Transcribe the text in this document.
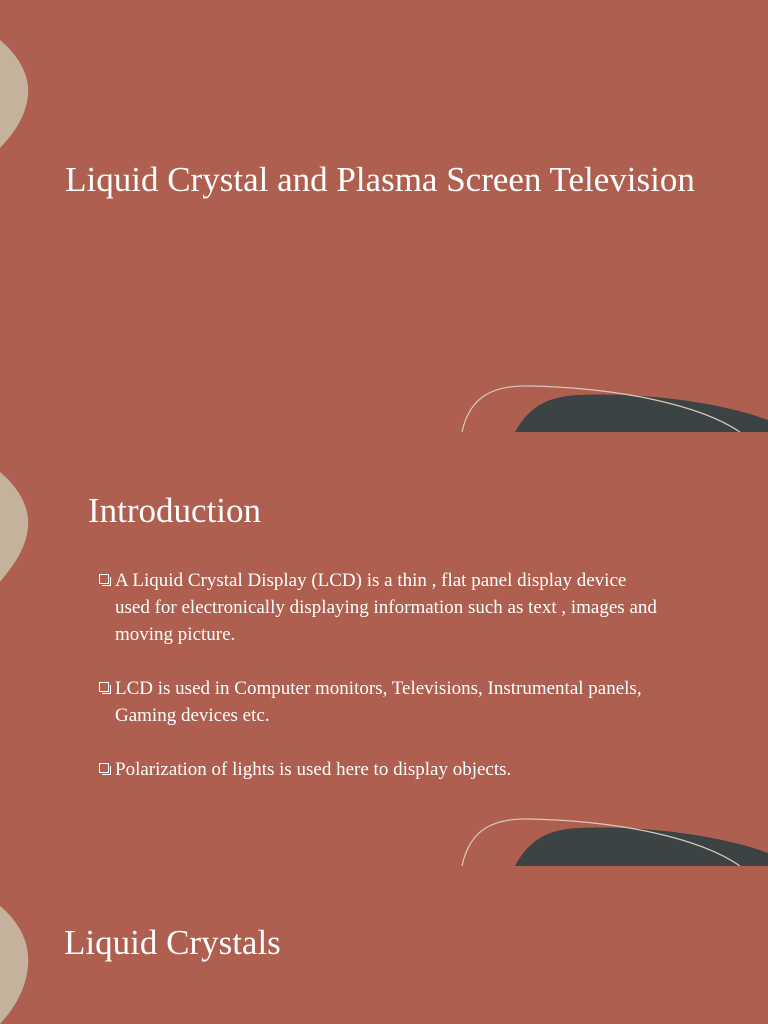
Liquid Crystal and Plasma Screen Television
Introduction
A Liquid Crystal Display (LCD) is a thin , flat panel display device used for electronically displaying information such as text , images and moving picture.
LCD is used in Computer monitors, Televisions, Instrumental panels, Gaming devices etc.
Polarization of lights is used here to display objects.
Liquid Crystals
